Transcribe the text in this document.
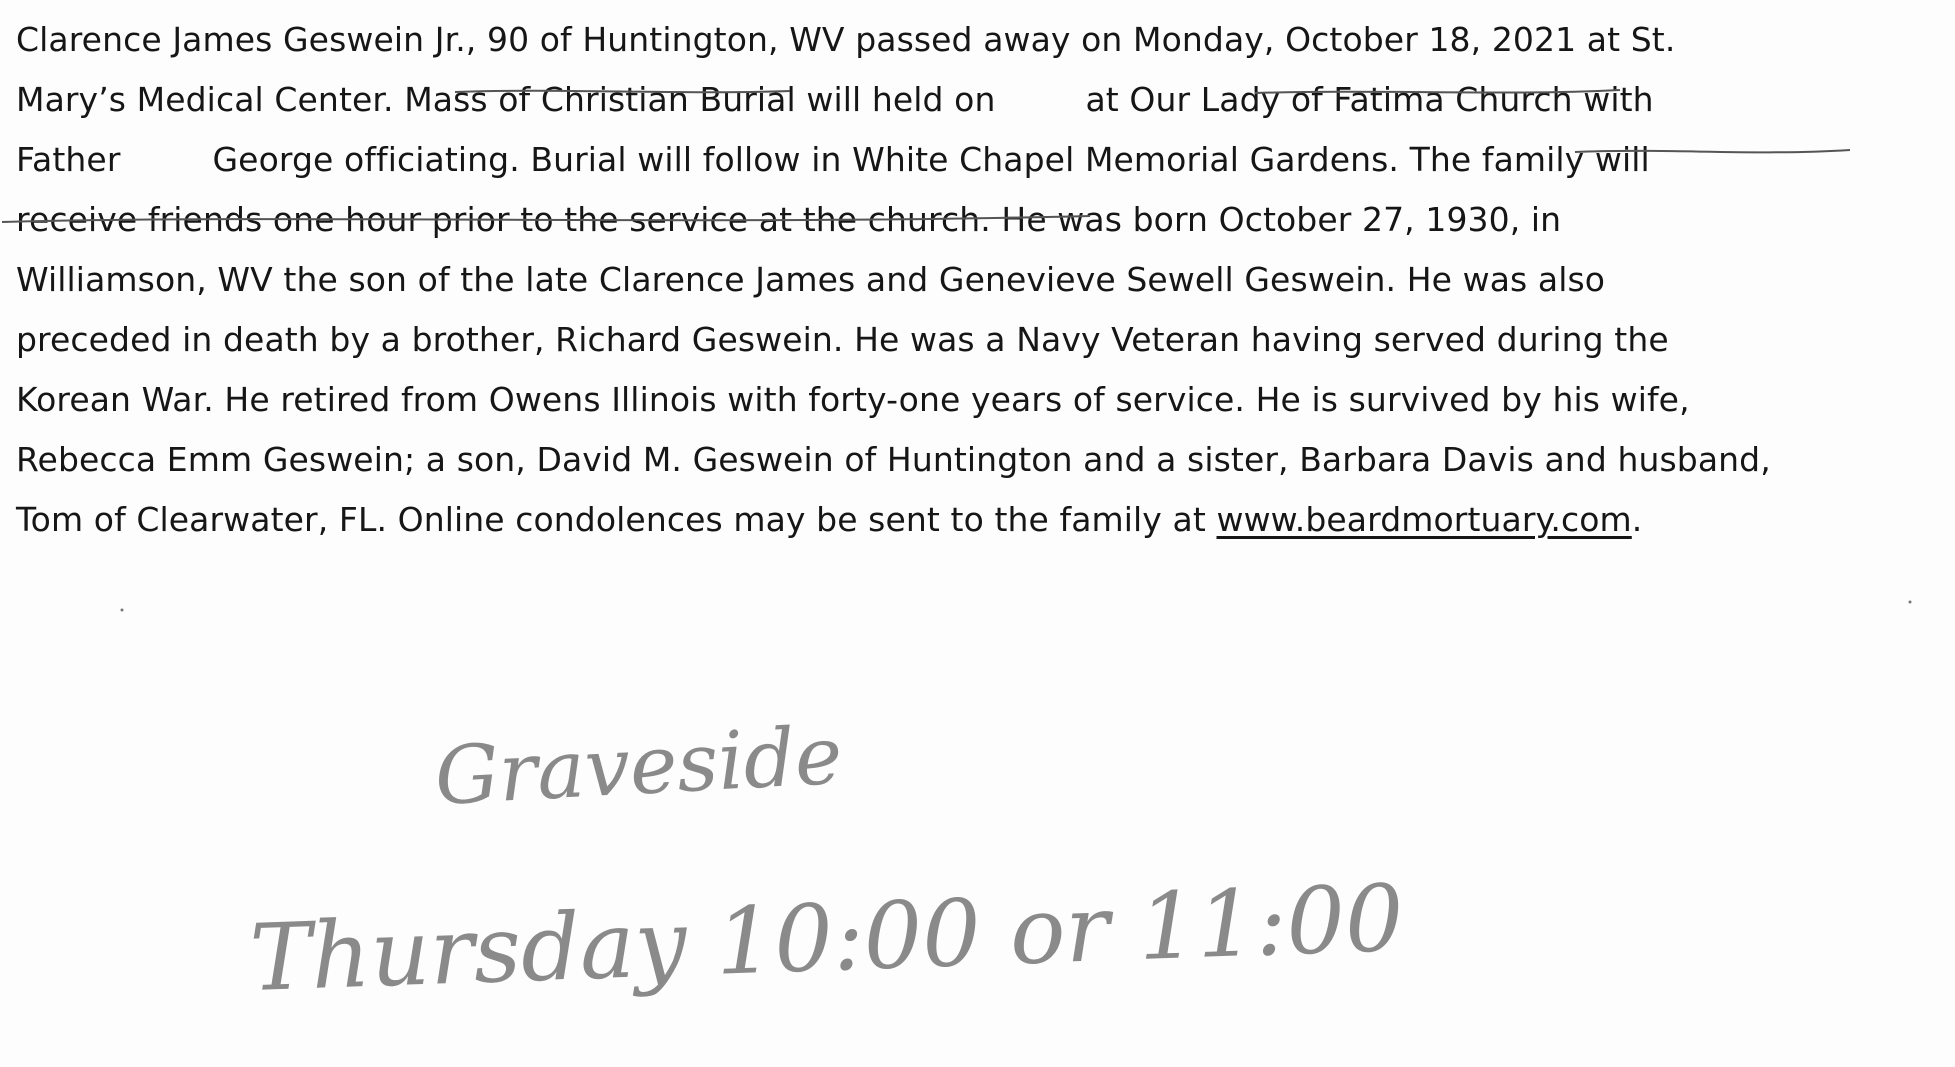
Clarence James Geswein Jr., 90 of Huntington, WV passed away on Monday, October 18, 2021 at St.
Mary’s Medical Center. Mass of Christian Burial will held on	at Our Lady of Fatima Church with
Father	George officiating. Burial will follow in White Chapel Memorial Gardens. The family will
receive friends one hour prior to the service at the church. He was born October 27, 1930, in
Williamson, WV the son of the late Clarence James and Genevieve Sewell Geswein. He was also
preceded in death by a brother, Richard Geswein. He was a Navy Veteran having served during the
Korean War. He retired from Owens Illinois with forty-one years of service. He is survived by his wife,
Rebecca Emm Geswein; a son, David M. Geswein of Huntington and a sister, Barbara Davis and husband,
Tom of Clearwater, FL. Online condolences may be sent to the family at www.beardmortuary.com.
Graveside
Thursday 10:00 or 11:00
